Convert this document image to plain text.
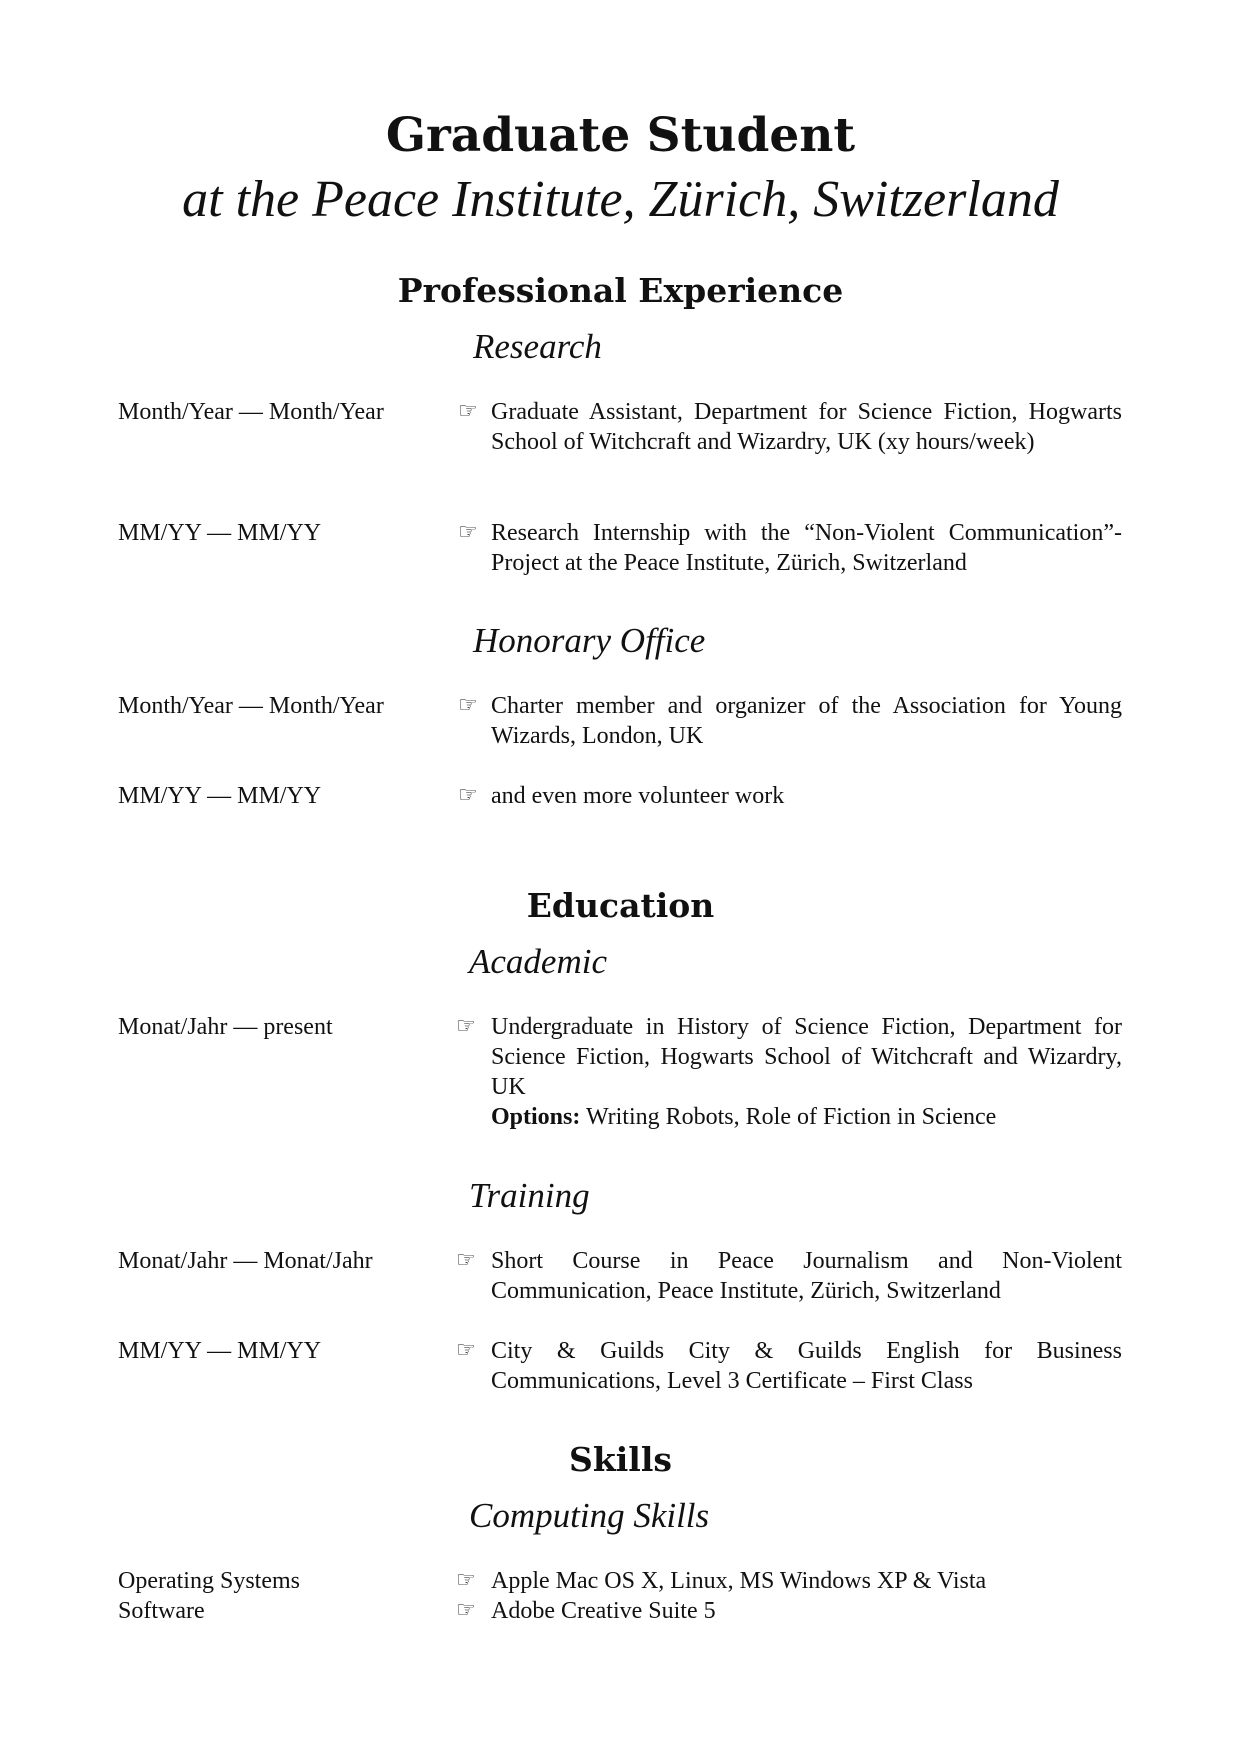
Graduate Student
at the Peace Institute, Zürich, Switzerland
Professional Experience
Research
Month/Year — Month/Year	☞ Graduate Assistant, Department for Science Fiction, Hogwarts School of Witchcraft and Wizardry, UK (xy hours/week)
MM/YY — MM/YY	☞ Research Internship with the “Non-Violent Communication”-Project at the Peace Institute, Zürich, Switzerland
Honorary Office
Month/Year — Month/Year	☞ Charter member and organizer of the Association for Young Wizards, London, UK
MM/YY — MM/YY	☞ and even more volunteer work
Education
Academic
Monat/Jahr — present	☞ Undergraduate in History of Science Fiction, Department for Science Fiction, Hogwarts School of Witchcraft and Wizardry, UK
Options: Writing Robots, Role of Fiction in Science
Training
Monat/Jahr — Monat/Jahr	☞ Short Course in Peace Journalism and Non-Violent Communication, Peace Institute, Zürich, Switzerland
MM/YY — MM/YY	☞ City & Guilds City & Guilds English for Business Communications, Level 3 Certificate – First Class
Skills
Computing Skills
Operating Systems	☞ Apple Mac OS X, Linux, MS Windows XP & Vista
Software	☞ Adobe Creative Suite 5
